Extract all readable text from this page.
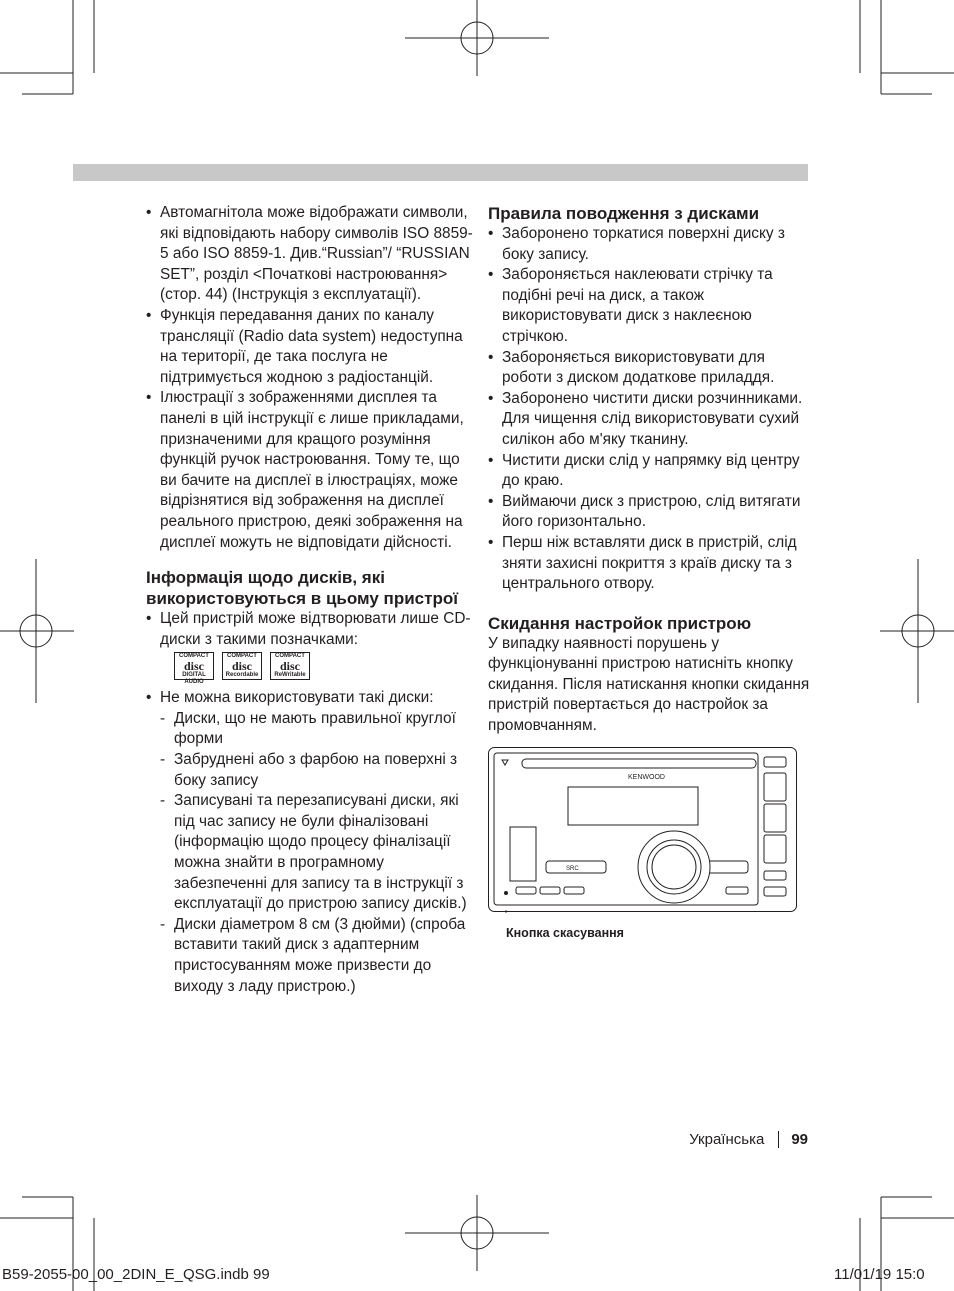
• Автомагнітола може відображати символи, які відповідають набору символів ISO 8859-5 або ISO 8859-1. Див.“Russian”/ “RUSSIAN SET”, розділ <Початкові настроювання> (стор. 44) (Інструкція з експлуатації).
• Функція передавання даних по каналу трансляції (Radio data system) недоступна на території, де така послуга не підтримується жодною з радіостанцій.
• Ілюстрації з зображеннями дисплея та панелі в цій інструкції є лише прикладами, призначеними для кращого розуміння функцій ручок настроювання. Тому те, що ви бачите на дисплеї в ілюстраціях, може відрізнятися від зображення на дисплеї реального пристрою, деякі зображення на дисплеї можуть не відповідати дійсності.
Інформація щодо дисків, які використовуються в цьому пристрої
• Цей пристрій може відтворювати лише CD-диски з такими позначками:
COMPACT
disc
DIGITAL AUDIO
COMPACT
disc
Recordable
COMPACT
disc
ReWritable
• Не можна використовувати такі диски:
- Диски, що не мають правильної круглої форми
- Забруднені або з фарбою на поверхні з боку запису
- Записувані та перезаписувані диски, які під час запису не були фіналізовані (інформацію щодо процесу фіналізації можна знайти в програмному забезпеченні для запису та в інструкції з експлуатації до пристрою запису дисків.)
- Диски діаметром 8 см (3 дюйми) (спроба вставити такий диск з адаптерним пристосуванням може призвести до виходу з ладу пристрою.)
Правила поводження з дисками
• Заборонено торкатися поверхні диску з боку запису.
• Забороняється наклеювати стрічку та подібні речі на диск, а також використовувати диск з наклеєною стрічкою.
• Забороняється використовувати для роботи з диском додаткове приладдя.
• Заборонено чистити диски розчинниками. Для чищення слід використовувати сухий силікон або м'яку тканину.
• Чистити диски слід у напрямку від центру до краю.
• Виймаючи диск з пристрою, слід витягати його горизонтально.
• Перш ніж вставляти диск в пристрій, слід зняти захисні покриття з країв диску та з центрального отвору.
Скидання настройок пристрою
У випадку наявності порушень у функціонуванні пристрою натисніть кнопку скидання. Після натискання кнопки скидання пристрій повертається до настройок за промовчанням.
KENWOOD
SRC
Кнопка скасування
Українська 99
B59-2055-00_00_2DIN_E_QSG.indb 99	11/01/19 15:0
